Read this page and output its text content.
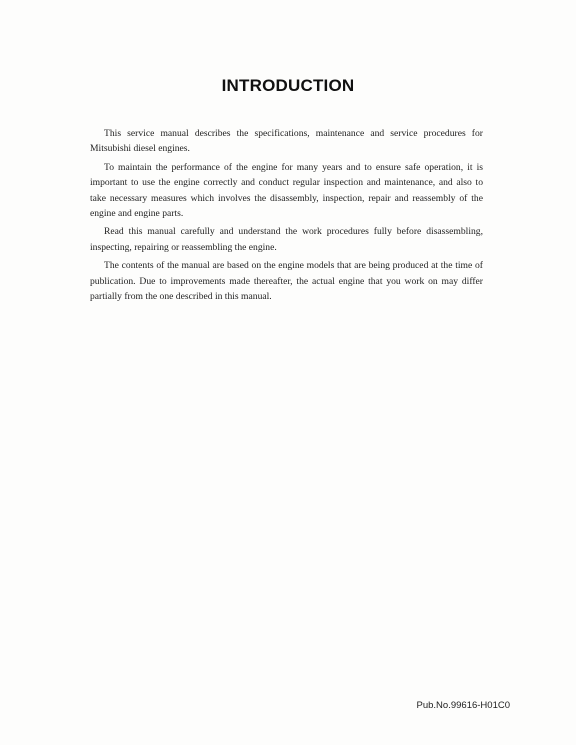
INTRODUCTION

This service manual describes the specifications, maintenance and service procedures for Mitsubishi diesel engines.

To maintain the performance of the engine for many years and to ensure safe operation, it is important to use the engine correctly and conduct regular inspection and maintenance, and also to take necessary measures which involves the disassembly, inspection, repair and reassembly of the engine and engine parts.

Read this manual carefully and understand the work procedures fully before disassembling, inspecting, repairing or reassembling the engine.

The contents of the manual are based on the engine models that are being produced at the time of publication. Due to improvements made thereafter, the actual engine that you work on may differ partially from the one described in this manual.

Pub.No.99616-H01C0
